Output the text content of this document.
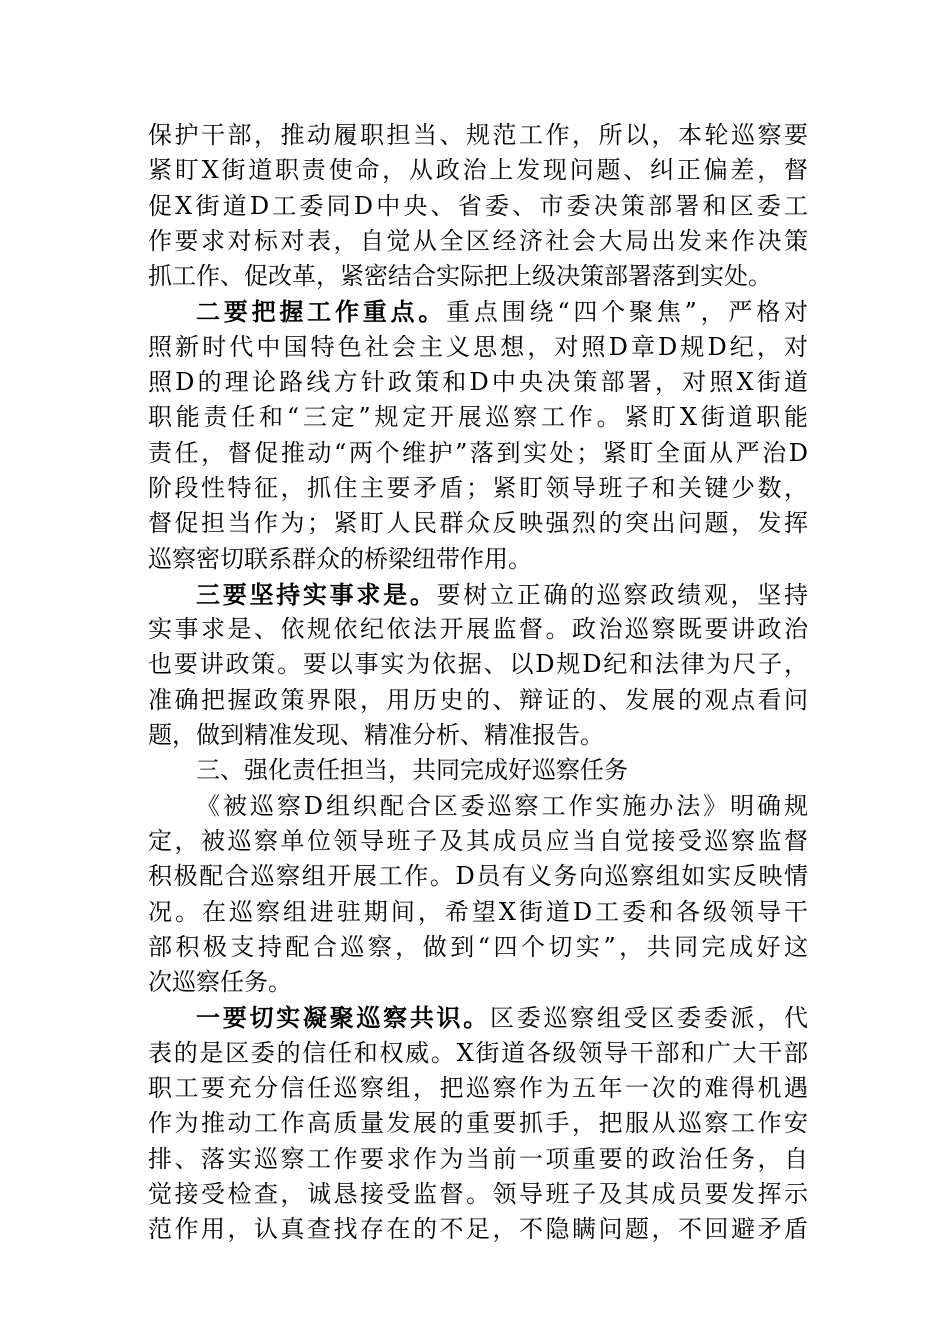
保护干部，推动履职担当、规范工作，所以，本轮巡察要
紧盯X街道职责使命，从政治上发现问题、纠正偏差，督
促X街道D工委同D中央、省委、市委决策部署和区委工
作要求对标对表，自觉从全区经济社会大局出发来作决策
抓工作、促改革，紧密结合实际把上级决策部署落到实处。
二要把握工作重点。重点围绕“四个聚焦”，严格对
照新时代中国特色社会主义思想，对照D章D规D纪，对
照D的理论路线方针政策和D中央决策部署，对照X街道
职能责任和“三定”规定开展巡察工作。紧盯X街道职能
责任，督促推动“两个维护”落到实处；紧盯全面从严治D
阶段性特征，抓住主要矛盾；紧盯领导班子和关键少数，
督促担当作为；紧盯人民群众反映强烈的突出问题，发挥
巡察密切联系群众的桥梁纽带作用。
三要坚持实事求是。要树立正确的巡察政绩观，坚持
实事求是、依规依纪依法开展监督。政治巡察既要讲政治
也要讲政策。要以事实为依据、以D规D纪和法律为尺子，
准确把握政策界限，用历史的、辩证的、发展的观点看问
题，做到精准发现、精准分析、精准报告。
三、强化责任担当，共同完成好巡察任务
《被巡察D组织配合区委巡察工作实施办法》明确规
定，被巡察单位领导班子及其成员应当自觉接受巡察监督
积极配合巡察组开展工作。D员有义务向巡察组如实反映情
况。在巡察组进驻期间，希望X街道D工委和各级领导干
部积极支持配合巡察，做到“四个切实”，共同完成好这
次巡察任务。
一要切实凝聚巡察共识。区委巡察组受区委委派，代
表的是区委的信任和权威。X街道各级领导干部和广大干部
职工要充分信任巡察组，把巡察作为五年一次的难得机遇
作为推动工作高质量发展的重要抓手，把服从巡察工作安
排、落实巡察工作要求作为当前一项重要的政治任务，自
觉接受检查，诚恳接受监督。领导班子及其成员要发挥示
范作用，认真查找存在的不足，不隐瞒问题，不回避矛盾
